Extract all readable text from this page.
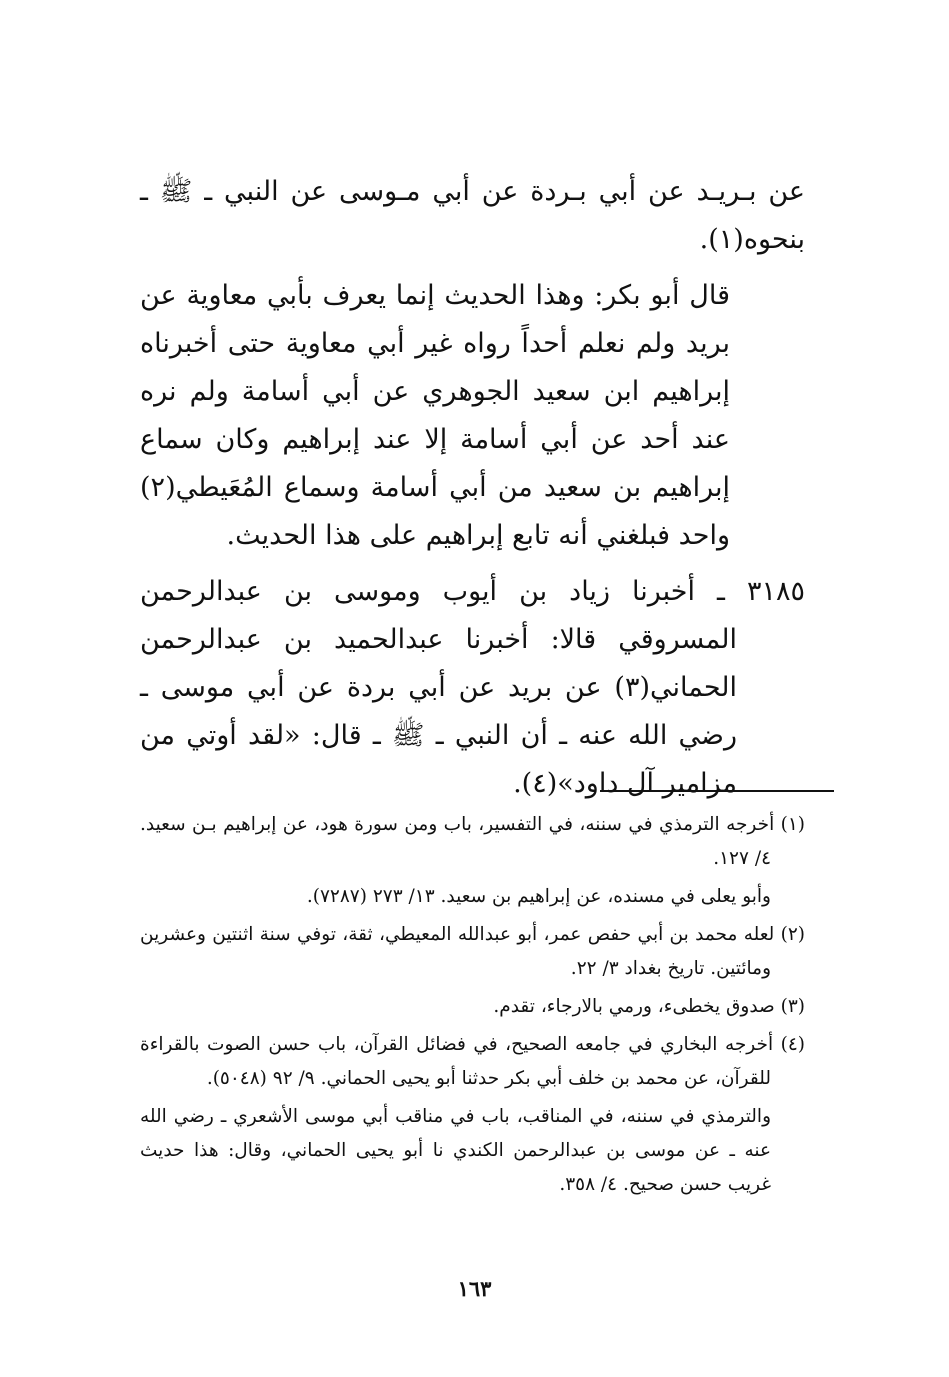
عن بـريـد عن أبي بـردة عن أبي مـوسى عن النبي ـ ﷺ ـ بنحوه(١).

قال أبو بكر: وهذا الحديث إنما يعرف بأبي معاوية عن بريد ولم نعلم أحداً رواه غير أبي معاوية حتى أخبرناه إبراهيم ابن سعيد الجوهري عن أبي أسامة ولم نره عند أحد عن أبي أسامة إلا عند إبراهيم وكان سماع إبراهيم بن سعيد من أبي أسامة وسماع المُعَيطي(٢) واحد فبلغني أنه تابع إبراهيم على هذا الحديث.

٣١٨٥ ـ أخبرنا زياد بن أيوب وموسى بن عبدالرحمن المسروقي قالا: أخبرنا عبدالحميد بن عبدالرحمن الحماني(٣) عن بريد عن أبي بردة عن أبي موسى ـ رضي الله عنه ـ أن النبي ـ ﷺ ـ قال: «لقد أوتي من مزامير آل داود»(٤).

(١) أخرجه الترمذي في سننه، في التفسير، باب ومن سورة هود، عن إبراهيم بـن سعيد. ٤/ ١٢٧.

وأبو يعلى في مسنده، عن إبراهيم بن سعيد. ١٣/ ٢٧٣ (٧٢٨٧).

(٢) لعله محمد بن أبي حفص عمر، أبو عبدالله المعيطي، ثقة، توفي سنة اثنتين وعشرين ومائتين. تاريخ بغداد ٣/ ٢٢.

(٣) صدوق يخطىء، ورمي بالارجاء، تقدم.

(٤) أخرجه البخاري في جامعه الصحيح، في فضائل القرآن، باب حسن الصوت بالقراءة للقرآن، عن محمد بن خلف أبي بكر حدثنا أبو يحيى الحماني. ٩/ ٩٢ (٥٠٤٨).

والترمذي في سننه، في المناقب، باب في مناقب أبي موسى الأشعري ـ رضي الله عنه ـ عن موسى بن عبدالرحمن الكندي نا أبو يحيى الحماني، وقال: هذا حديث غريب حسن صحيح. ٤/ ٣٥٨.

١٦٣
